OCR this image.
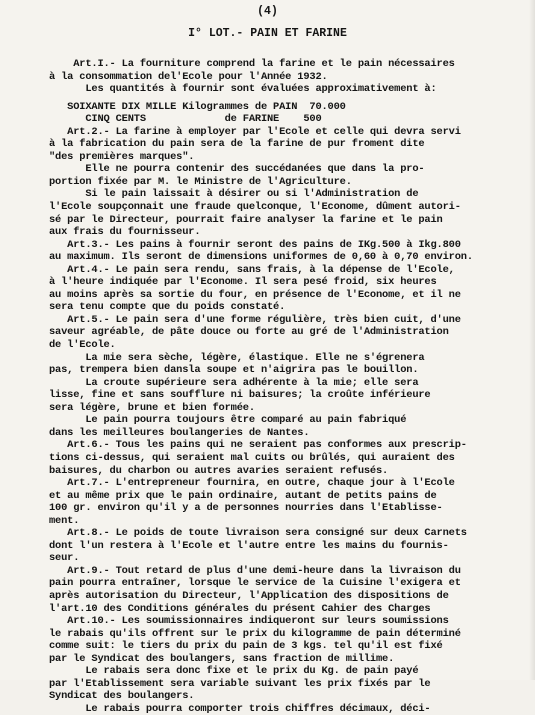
(4)
I° LOT.- PAIN ET FARINE
Art.I.- La fourniture comprend la farine et le pain nécessaires
à la consommation del'Ecole pour l'Année 1932.
Les quantités à fournir sont évaluées approximativement à:
SOIXANTE DIX MILLE Kilogrammes de PAIN  70.000
CINQ CENTS             de FARINE    500
Art.2.- La farine à employer par l'Ecole et celle qui devra servi
à la fabrication du pain sera de la farine de pur froment dite
"des premières marques".
Elle ne pourra contenir des succédanées que dans la pro-
portion fixée par M. le Ministre de l'Agriculture.
Si le pain laissait à désirer ou si l'Administration de
l'Ecole soupçonnait une fraude quelconque, l'Econome, dûment autori-
sé par le Directeur, pourrait faire analyser la farine et le pain
aux frais du fournisseur.
Art.3.- Les pains à fournir seront des pains de IKg.500 à Ikg.800
au maximum. Ils seront de dimensions uniformes de 0,60 à 0,70 environ.
Art.4.- Le pain sera rendu, sans frais, à la dépense de l'Ecole,
à l'heure indiquée par l'Econome. Il sera pesé froid, six heures
au moins après sa sortie du four, en présence de l'Econome, et il ne
sera tenu compte que du poids constaté.
Art.5.- Le pain sera d'une forme régulière, très bien cuit, d'une
saveur agréable, de pâte douce ou forte au gré de l'Administration
de l'Ecole.
La mie sera sèche, légère, élastique. Elle ne s'égrenera
pas, trempera bien dansla soupe et n'aigrira pas le bouillon.
La croute supérieure sera adhérente à la mie; elle sera
lisse, fine et sans soufflure ni baisures; la croûte inférieure
sera légère, brune et bien formée.
Le pain pourra toujours être comparé au pain fabriqué
dans les meilleures boulangeries de Nantes.
Art.6.- Tous les pains qui ne seraient pas conformes aux prescrip-
tions ci-dessus, qui seraient mal cuits ou brûlés, qui auraient des
baisures, du charbon ou autres avaries seraient refusés.
Art.7.- L'entrepreneur fournira, en outre, chaque jour à l'Ecole
et au même prix que le pain ordinaire, autant de petits pains de
100 gr. environ qu'il y a de personnes nourries dans l'Etablisse-
ment.
Art.8.- Le poids de toute livraison sera consigné sur deux Carnets
dont l'un restera à l'Ecole et l'autre entre les mains du fournis-
seur.
Art.9.- Tout retard de plus d'une demi-heure dans la livraison du
pain pourra entraîner, lorsque le service de la Cuisine l'exigera et
après autorisation du Directeur, l'Application des dispositions de
l'art.10 des Conditions générales du présent Cahier des Charges
Art.10.- Les soumissionnaires indiqueront sur leurs soumissions
le rabais qu'ils offrent sur le prix du kilogramme de pain déterminé
comme suit: le tiers du prix du pain de 3 kgs. tel qu'il est fixé
par le Syndicat des boulangers, sans fraction de millime.
Le rabais sera donc fixe et le prix du Kg. de pain payé
par l'Etablissement sera variable suivant les prix fixés par le
Syndicat des boulangers.
Le rabais pourra comporter trois chiffres décimaux, déci-
